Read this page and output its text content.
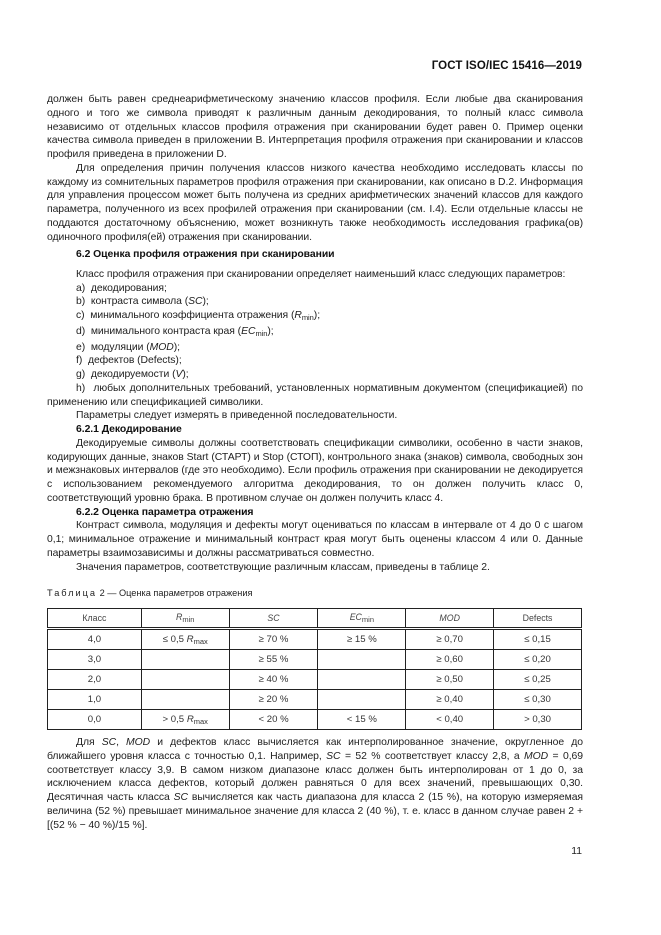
ГОСТ ISO/IEC 15416—2019

должен быть равен среднеарифметическому значению классов профиля. Если любые два сканирования одного и того же символа приводят к различным данным декодирования, то полный класс символа независимо от отдельных классов профиля отражения при сканировании будет равен 0. Пример оценки качества символа приведен в приложении В. Интерпретация профиля отражения при сканировании и классов профиля приведена в приложении D.

Для определения причин получения классов низкого качества необходимо исследовать классы по каждому из сомнительных параметров профиля отражения при сканировании, как описано в D.2. Информация для управления процессом может быть получена из средних арифметических значений классов для каждого параметра, полученного из всех профилей отражения при сканировании (см. I.4). Если отдельные классы не поддаются достаточному объяснению, может возникнуть также необходимость исследования графика(ов) одиночного профиля(ей) отражения при сканировании.

6.2 Оценка профиля отражения при сканировании

Класс профиля отражения при сканировании определяет наименьший класс следующих параметров:

a) декодирования;

b) контраста символа (SC);

c) минимального коэффициента отражения $(R_{min})$;

d) минимального контраста края $(EC_{min})$;

e) модуляции (MOD);

f) дефектов (Defects);

g) декодируемости (V);

h) любых дополнительных требований, установленных нормативным документом (спецификацией) по применению или спецификацией символики.

Параметры следует измерять в приведенной последовательности.

6.2.1 Декодирование

Декодируемые символы должны соответствовать спецификации символики, особенно в части знаков, кодирующих данные, знаков Start (СТАРТ) и Stop (СТОП), контрольного знака (знаков) символа, свободных зон и межзнаковых интервалов (где это необходимо). Если профиль отражения при сканировании не декодируется с использованием рекомендуемого алгоритма декодирования, то он должен получить класс 0, соответствующий уровню брака. В противном случае он должен получить класс 4.

6.2.2 Оценка параметра отражения

Контраст символа, модуляция и дефекты могут оцениваться по классам в интервале от 4 до 0 с шагом 0,1; минимальное отражение и минимальный контраст края могут быть оценены классом 4 или 0. Данные параметры взаимозависимы и должны рассматриваться совместно.

Значения параметров, соответствующие различным классам, приведены в таблице 2.

Таблица 2 — Оценка параметров отражения
Класс	Rmin	SC	ECmin	MOD	Defects
4,0	≤ 0,5 $R_{max}$	≥ 70 %	≥ 15 %	≥ 0,70	≤ 0,15
3,0		≥ 55 %		≥ 0,60	≤ 0,20
2,0		≥ 40 %		≥ 0,50	≤ 0,25
1,0		≥ 20 %		≥ 0,40	≤ 0,30
0,0	> 0,5 $R_{max}$	< 20 %	< 15 %	< 0,40	> 0,30

Для SC, MOD и дефектов класс вычисляется как интерполированное значение, округленное до ближайшего уровня класса с точностью 0,1. Например, SC = 52 % соответствует классу 2,8, а MOD = 0,69 соответствует классу 3,9. В самом низком диапазоне класс должен быть интерполирован от 1 до 0, за исключением класса дефектов, который должен равняться 0 для всех значений, превышающих 0,30. Десятичная часть класса SC вычисляется как часть диапазона для класса 2 (15 %), на которую измеряемая величина (52 %) превышает минимальное значение для класса 2 (40 %), т. е. класс в данном случае равен 2 + [(52 % − 40 %)/15 %].

11
